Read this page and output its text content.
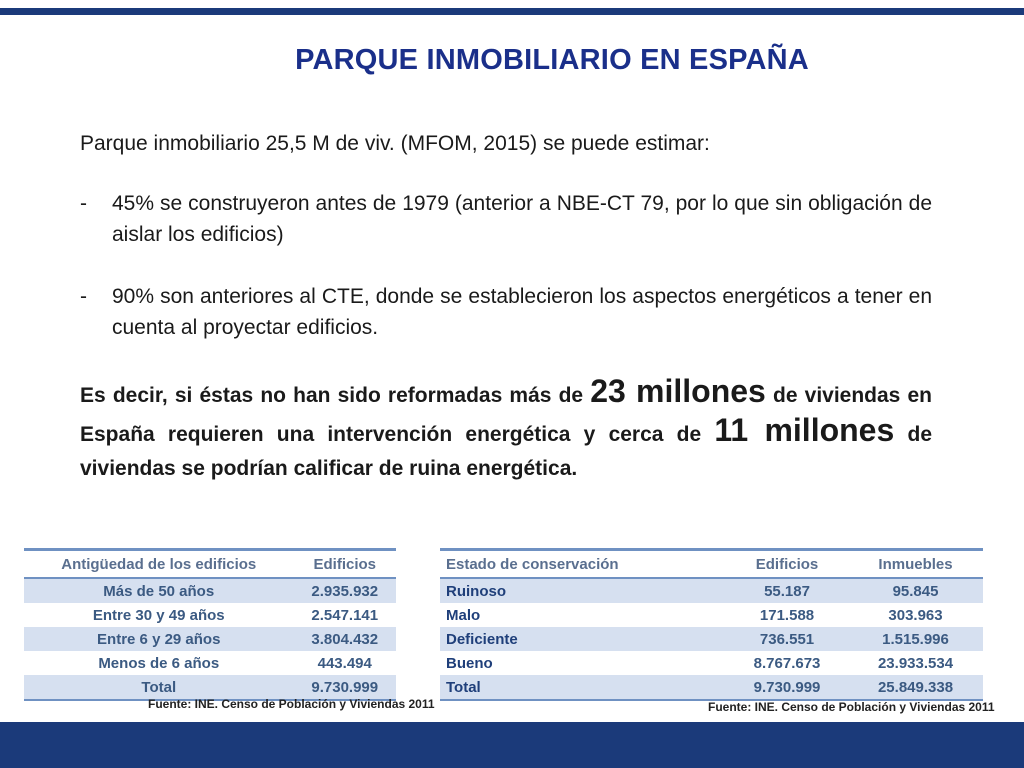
PARQUE INMOBILIARIO EN ESPAÑA
Parque inmobiliario 25,5 M de viv. (MFOM, 2015) se puede estimar:
-	45% se construyeron antes de 1979 (anterior a NBE-CT 79, por lo que sin obligación de aislar los edificios)
-	90% son anteriores al CTE, donde se establecieron los aspectos energéticos a tener en cuenta al proyectar edificios.
Es decir, si éstas no han sido reformadas más de 23 millones de viviendas en España requieren una intervención energética y cerca de 11 millones de viviendas se podrían calificar de ruina energética.
Antigüedad de los edificios	Edificios
Más de 50 años	2.935.932
Entre 30 y 49 años	2.547.141
Entre 6 y 29 años	3.804.432
Menos de 6 años	443.494
Total	9.730.999
Fuente: INE. Censo de Población y Viviendas 2011
Estado de conservación	Edificios	Inmuebles
Ruinoso	55.187	95.845
Malo	171.588	303.963
Deficiente	736.551	1.515.996
Bueno	8.767.673	23.933.534
Total	9.730.999	25.849.338
Fuente: INE. Censo de Población y Viviendas 2011
